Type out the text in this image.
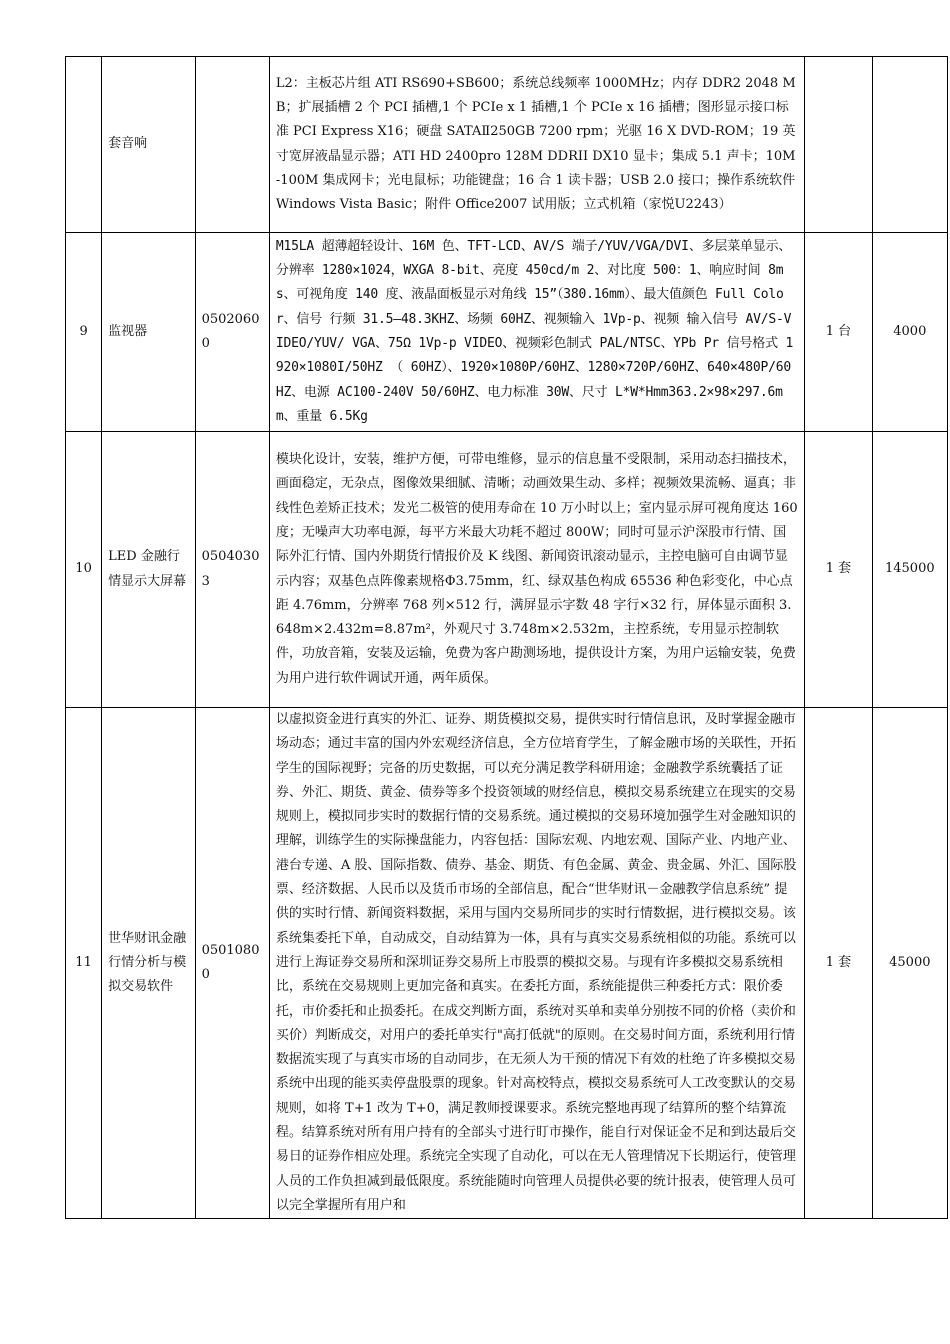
	套音响		L2：主板芯片组 ATI RS690+SB600；系统总线频率 1000MHz；内存 DDR2 2048 MB；扩展插槽 2 个 PCI 插槽,1 个 PCIe x 1 插槽,1 个 PCIe x 16 插槽；图形显示接口标准 PCI Express X16；硬盘 SATAⅡ250GB 7200 rpm；光驱 16 X DVD-ROM；19 英寸宽屏液晶显示器；ATI HD 2400pro 128M DDRII DX10 显卡；集成 5.1 声卡；10M-100M 集成网卡；光电鼠标；功能键盘；16 合 1 读卡器；USB 2.0 接口；操作系统软件 Windows Vista Basic；附件 Office2007 试用版；立式机箱（家悦U2243）		
9	监视器	05020600	M15LA 超薄超轻设计、16M 色、TFT-LCD、AV/S 端子/YUV/VGA/DVI、多层菜单显示、分辨率 1280×1024，WXGA 8-bit、亮度 450cd/m 2、对比度 500：1、响应时间 8ms、可视角度 140 度、液晶面板显示对角线 15”（380.16mm）、最大值颜色 Full Color、信号 行频 31.5—48.3KHZ、场频 60HZ、视频输入 1Vp-p、视频 输入信号 AV/S-VIDEO/YUV/ VGA、75Ω 1Vp-p VIDEO、视频彩色制式 PAL/NTSC、YPb Pr 信号格式 1920×1080I/50HZ （ 60HZ）、1920×1080P/60HZ、1280×720P/60HZ、640×480P/60HZ、电源 AC100-240V 50/60HZ、电力标准 30W、尺寸 L*W*Hmm363.2×98×297.6mm、重量 6.5Kg	1 台	4000
10	LED 金融行情显示大屏幕	05040303	模块化设计，安装，维护方便，可带电维修，显示的信息量不受限制，采用动态扫描技术，画面稳定，无杂点，图像效果细腻、清晰；动画效果生动、多样；视频效果流畅、逼真；非线性色差矫正技术；发光二极管的使用寿命在 10 万小时以上；室内显示屏可视角度达 160 度；无噪声大功率电源，每平方米最大功耗不超过 800W；同时可显示沪深股市行情、国际外汇行情、国内外期货行情报价及 K 线图、新闻资讯滚动显示，主控电脑可自由调节显示内容；双基色点阵像素规格Φ3.75mm，红、绿双基色构成 65536 种色彩变化，中心点距 4.76mm，分辨率 768 列×512 行，满屏显示字数 48 字行×32 行，屏体显示面积 3.648m×2.432m=8.87m²，外观尺寸 3.748m×2.532m，主控系统，专用显示控制软件，功放音箱，安装及运输，免费为客户勘测场地，提供设计方案，为用户运输安装，免费为用户进行软件调试开通，两年质保。	1 套	145000
11	世华财讯金融行情分析与模拟交易软件	05010800	以虚拟资金进行真实的外汇、证券、期货模拟交易，提供实时行情信息讯，及时掌握金融市场动态；通过丰富的国内外宏观经济信息，全方位培育学生，了解金融市场的关联性，开拓学生的国际视野；完备的历史数据，可以充分满足教学科研用途；金融教学系统囊括了证券、外汇、期货、黄金、债券等多个投资领域的财经信息，模拟交易系统建立在现实的交易规则上，模拟同步实时的数据行情的交易系统。通过模拟的交易环境加强学生对金融知识的理解，训练学生的实际操盘能力，内容包括：国际宏观、内地宏观、国际产业、内地产业、港台专递、A 股、国际指数、债券、基金、期货、有色金属、黄金、贵金属、外汇、国际股票、经济数据、人民币以及货币市场的全部信息，配合“世华财讯－金融教学信息系统” 提供的实时行情、新闻资料数据，采用与国内交易所同步的实时行情数据，进行模拟交易。该系统集委托下单，自动成交，自动结算为一体，具有与真实交易系统相似的功能。系统可以进行上海证券交易所和深圳证券交易所上市股票的模拟交易。与现有许多模拟交易系统相比，系统在交易规则上更加完备和真实。在委托方面，系统能提供三种委托方式：限价委托，市价委托和止损委托。在成交判断方面，系统对买单和卖单分别按不同的价格（卖价和买价）判断成交，对用户的委托单实行"高打低就"的原则。在交易时间方面，系统利用行情数据流实现了与真实市场的自动同步，在无须人为干预的情况下有效的杜绝了许多模拟交易系统中出现的能买卖停盘股票的现象。针对高校特点，模拟交易系统可人工改变默认的交易规则，如将 T+1 改为 T+0，满足教师授课要求。系统完整地再现了结算所的整个结算流程。结算系统对所有用户持有的全部头寸进行盯市操作，能自行对保证金不足和到达最后交易日的证券作相应处理。系统完全实现了自动化，可以在无人管理情况下长期运行，使管理人员的工作负担减到最低限度。系统能随时向管理人员提供必要的统计报表，使管理人员可以完全掌握所有用户和	1 套	45000
